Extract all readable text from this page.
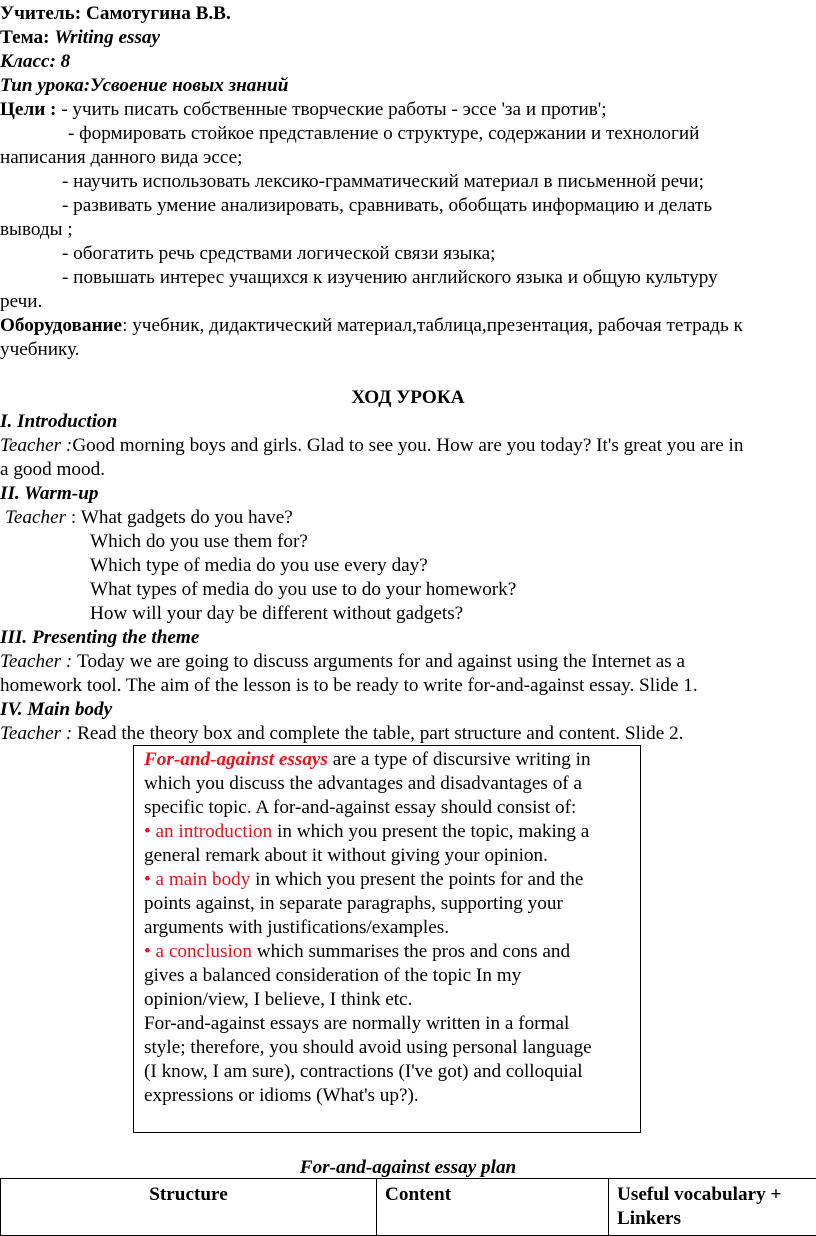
Учитель: Самотугина В.В.
Тема: Writing essay
Класс: 8
Тип урока:Усвоение новых знаний
Цели : - учить писать собственные творческие работы - эссе 'за и против';
- формировать стойкое представление о структуре, содержании и технологий
написания данного вида эссе;
- научить использовать лексико-грамматический материал в письменной речи;
- развивать умение анализировать, сравнивать, обобщать информацию и делать
выводы ;
- обогатить речь средствами логической связи языка;
- повышать интерес учащихся к изучению английского языка и общую культуру
речи.
Оборудование: учебник, дидактический материал,таблица,презентация, рабочая тетрадь к
учебнику.
ХОД УРОКА
I. Introduction
Teacher :Good morning boys and girls. Glad to see you. How are you today? It's great you are in
a good mood.
II. Warm-up
Teacher : What gadgets do you have?
Which do you use them for?
Which type of media do you use every day?
What types of media do you use to do your homework?
How will your day be different without gadgets?
III. Presenting the theme
Teacher : Today we are going to discuss arguments for and against using the Internet as a
homework tool. The aim of the lesson is to be ready to write for-and-against essay. Slide 1.
IV. Main body
Teacher : Read the theory box and complete the table, part structure and content. Slide 2.
For-and-against essays are a type of discursive writing in
which you discuss the advantages and disadvantages of a
specific topic. A for-and-against essay should consist of:
• an introduction in which you present the topic, making a
general remark about it without giving your opinion.
• a main body in which you present the points for and the
points against, in separate paragraphs, supporting your
arguments with justifications/examples.
• a conclusion which summarises the pros and cons and
gives a balanced consideration of the topic In my
opinion/view, I believe, I think etc.
For-and-against essays are normally written in a formal
style; therefore, you should avoid using personal language
(I know, I am sure), contractions (I've got) and colloquial
expressions or idioms (What's up?).
For-and-against essay plan
Structure	Content	Useful vocabulary + Linkers
